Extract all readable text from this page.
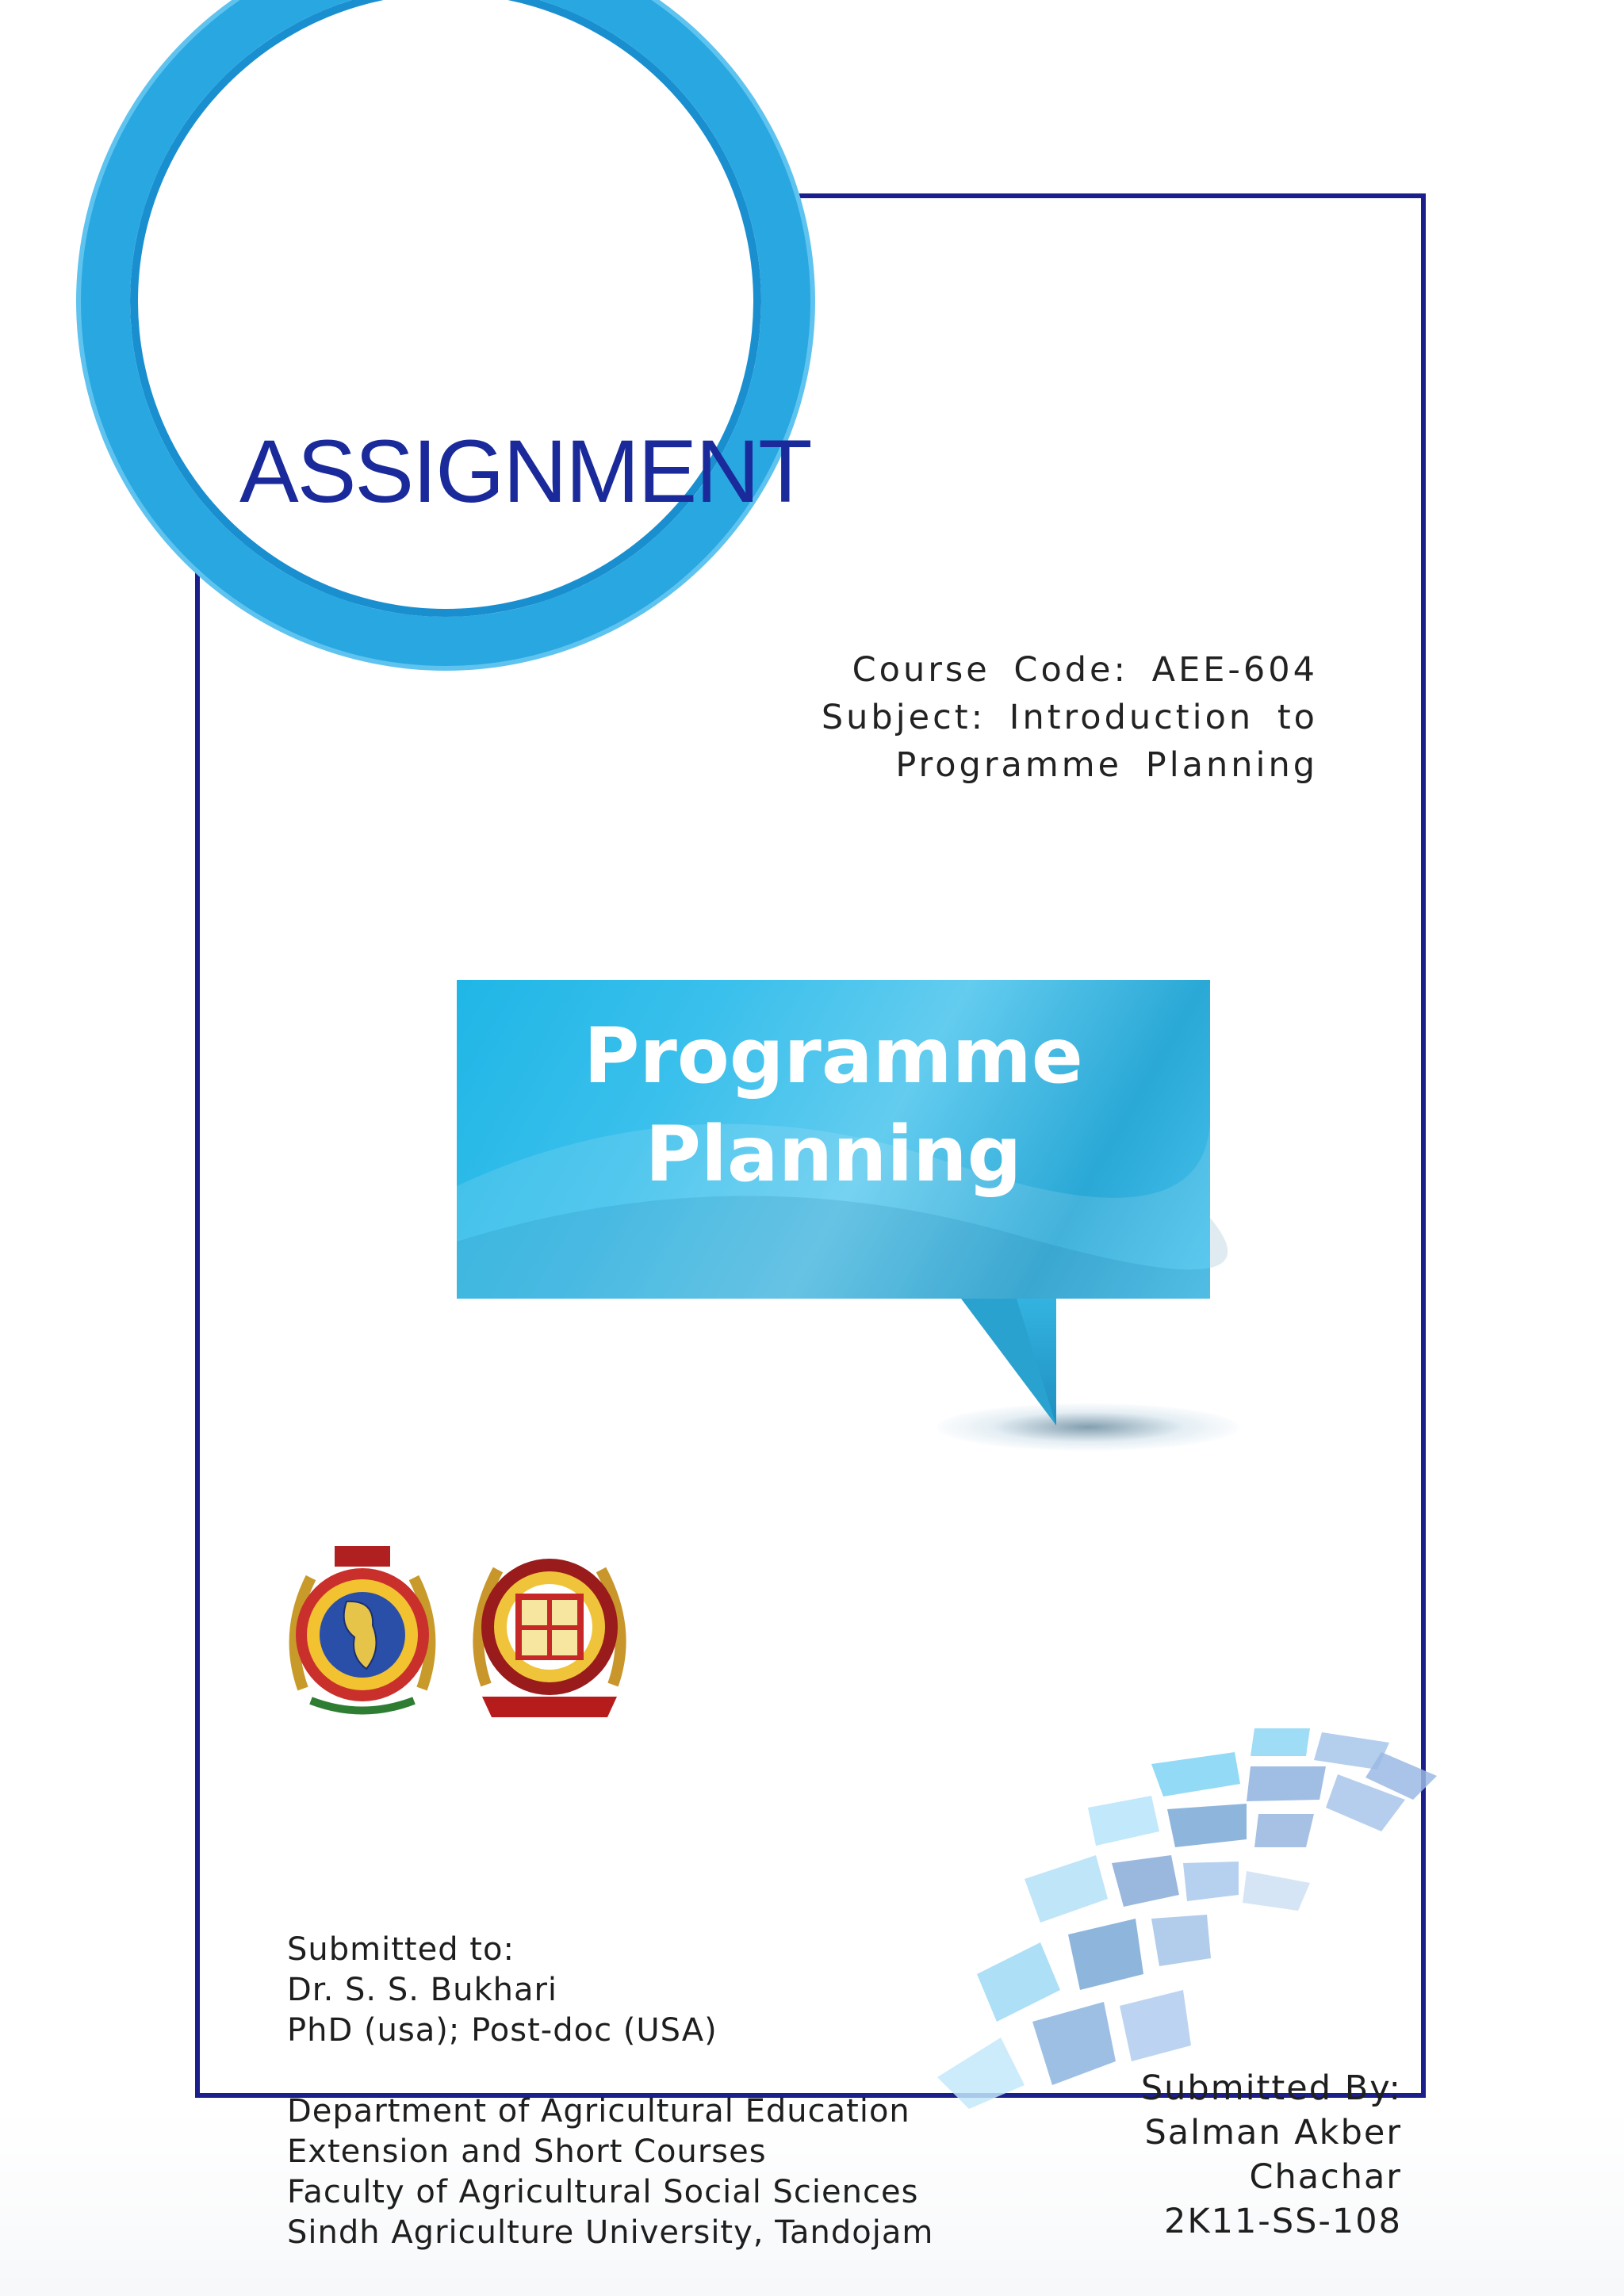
ASSIGNMENT
Course Code: AEE-604
Subject: Introduction to
Programme Planning
Programme
Planning
Submitted to:
Dr. S. S. Bukhari
PhD (usa); Post-doc (USA)
Department of Agricultural Education
Extension and Short Courses
Faculty of Agricultural Social Sciences
Sindh Agriculture University, Tandojam
Submitted By:
Salman Akber
Chachar
2K11-SS-108
